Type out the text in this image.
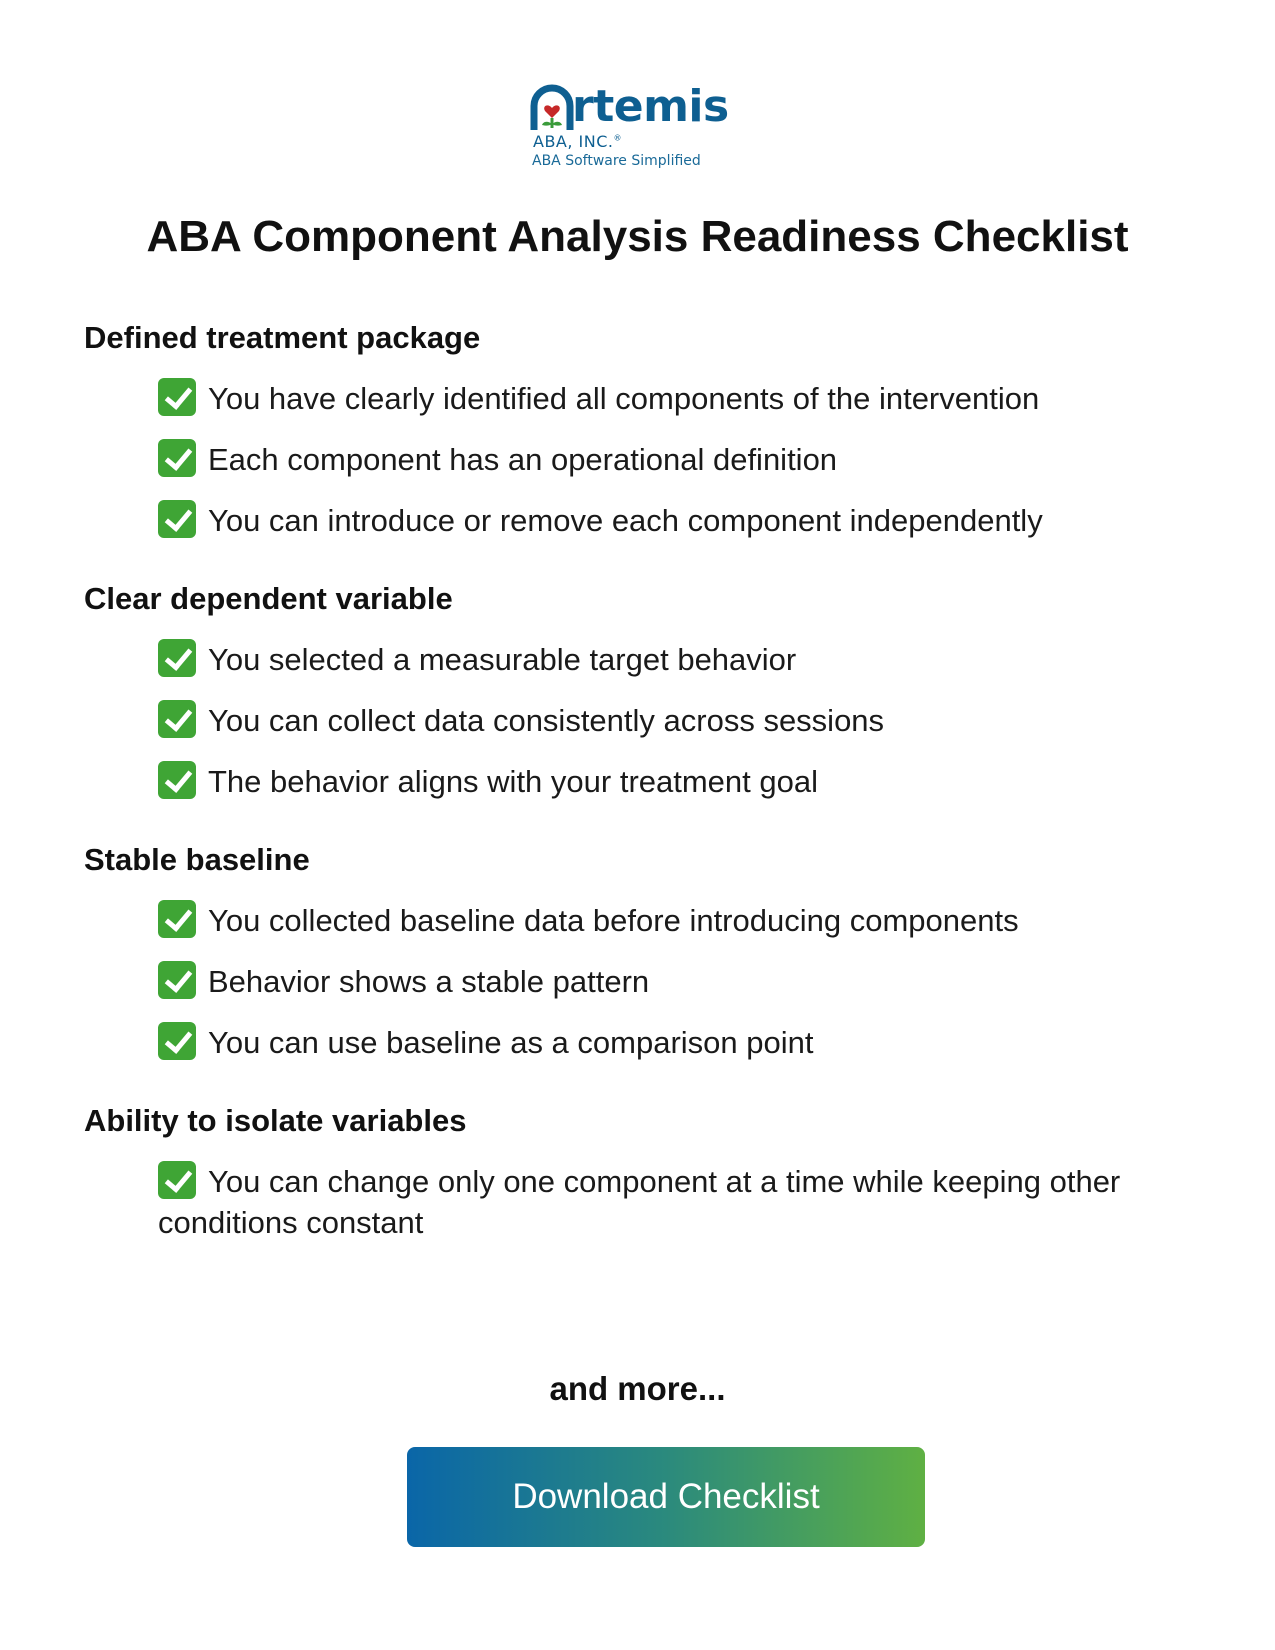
rtemis
ABA, INC.®
ABA Software Simplified
ABA Component Analysis Readiness Checklist
Defined treatment package
You have clearly identified all components of the intervention
Each component has an operational definition
You can introduce or remove each component independently
Clear dependent variable
You selected a measurable target behavior
You can collect data consistently across sessions
The behavior aligns with your treatment goal
Stable baseline
You collected baseline data before introducing components
Behavior shows a stable pattern
You can use baseline as a comparison point
Ability to isolate variables
You can change only one component at a time while keeping other conditions constant
and more...
Download Checklist
